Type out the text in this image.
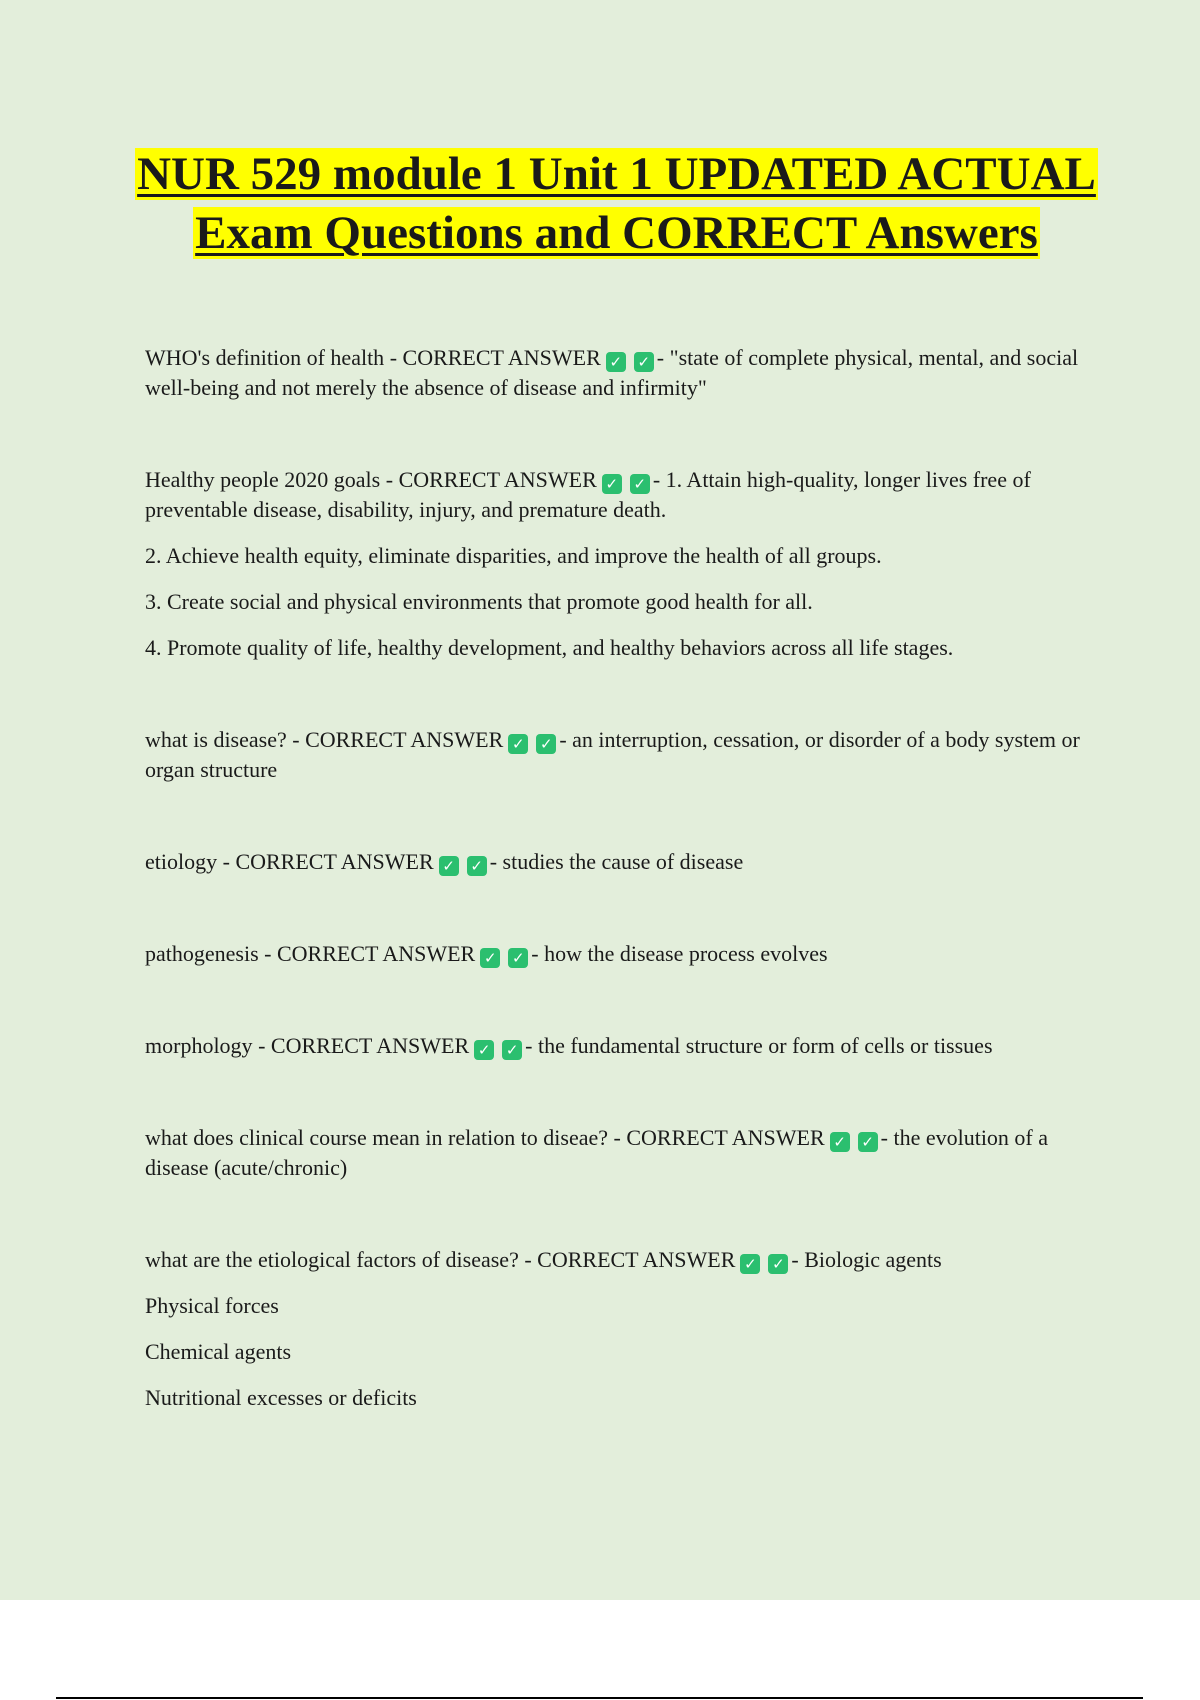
NUR 529 module 1 Unit 1 UPDATED ACTUAL Exam Questions and CORRECT Answers

WHO's definition of health - CORRECT ANSWER ✓ ✓ - "state of complete physical, mental, and social well-being and not merely the absence of disease and infirmity"

Healthy people 2020 goals - CORRECT ANSWER ✓ ✓ - 1. Attain high-quality, longer lives free of preventable disease, disability, injury, and premature death.

2. Achieve health equity, eliminate disparities, and improve the health of all groups.

3. Create social and physical environments that promote good health for all.

4. Promote quality of life, healthy development, and healthy behaviors across all life stages.

what is disease? - CORRECT ANSWER ✓ ✓ - an interruption, cessation, or disorder of a body system or organ structure

etiology - CORRECT ANSWER ✓ ✓ - studies the cause of disease

pathogenesis - CORRECT ANSWER ✓ ✓ - how the disease process evolves

morphology - CORRECT ANSWER ✓ ✓ - the fundamental structure or form of cells or tissues

what does clinical course mean in relation to diseae? - CORRECT ANSWER ✓ ✓ - the evolution of a disease (acute/chronic)

what are the etiological factors of disease? - CORRECT ANSWER ✓ ✓ - Biologic agents

Physical forces

Chemical agents

Nutritional excesses or deficits
